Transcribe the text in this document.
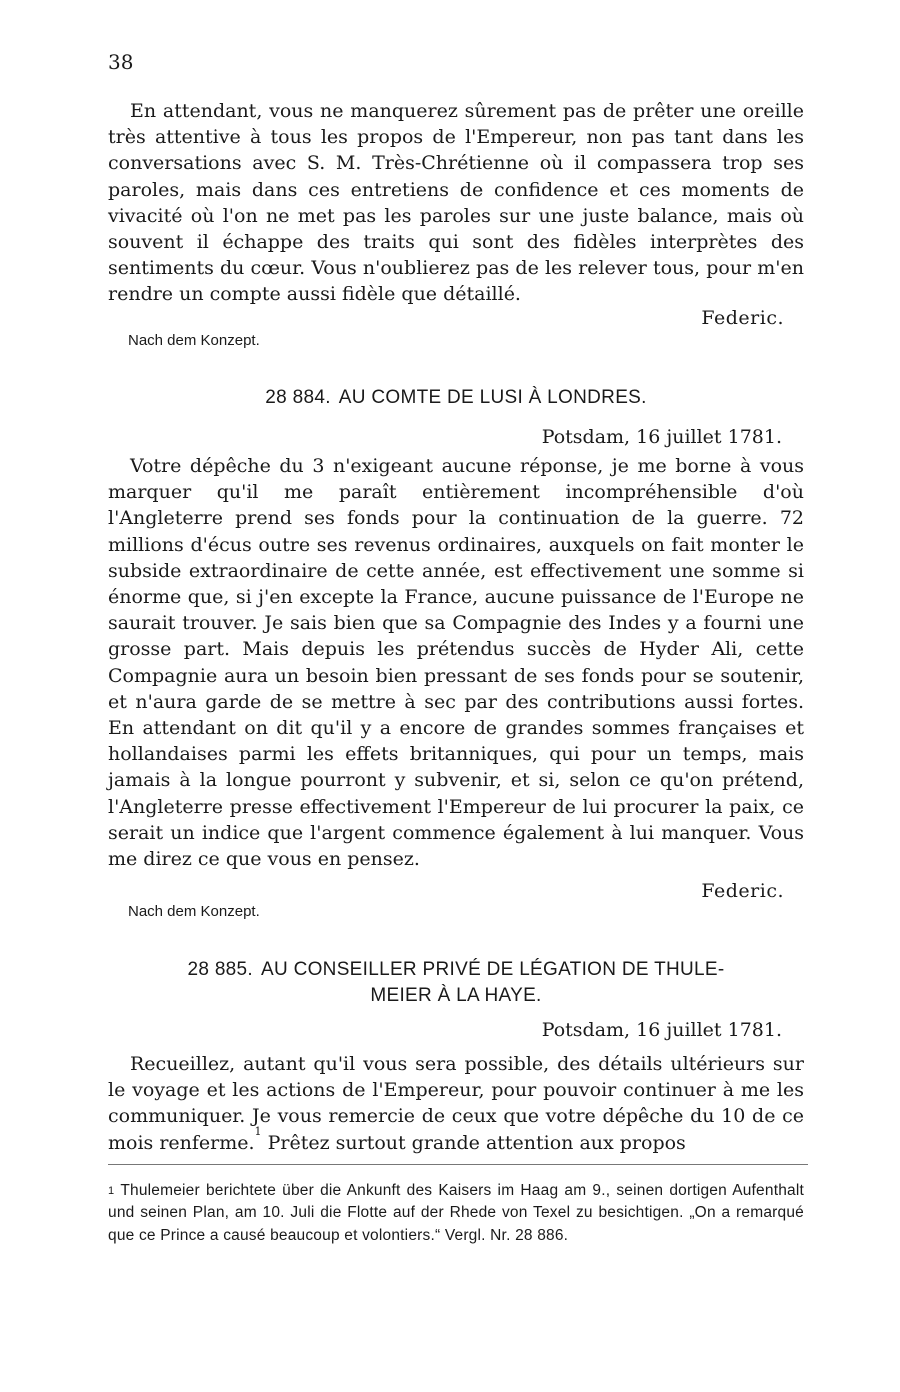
38
En attendant, vous ne manquerez sûrement pas de prêter une oreille très attentive à tous les propos de l'Empereur, non pas tant dans les conversations avec S. M. Très-Chrétienne où il compassera trop ses paroles, mais dans ces entretiens de confidence et ces moments de vivacité où l'on ne met pas les paroles sur une juste balance, mais où souvent il échappe des traits qui sont des fidèles interprètes des sentiments du cœur. Vous n'oublierez pas de les relever tous, pour m'en rendre un compte aussi fidèle que détaillé.
Federic.
Nach dem Konzept.
28 884. AU COMTE DE LUSI À LONDRES.
Potsdam, 16 juillet 1781.
Votre dépêche du 3 n'exigeant aucune réponse, je me borne à vous marquer qu'il me paraît entièrement incompréhensible d'où l'Angleterre prend ses fonds pour la continuation de la guerre. 72 millions d'écus outre ses revenus ordinaires, auxquels on fait monter le subside extraordinaire de cette année, est effectivement une somme si énorme que, si j'en excepte la France, aucune puissance de l'Europe ne saurait trouver. Je sais bien que sa Compagnie des Indes y a fourni une grosse part. Mais depuis les prétendus succès de Hyder Ali, cette Compagnie aura un besoin bien pressant de ses fonds pour se soutenir, et n'aura garde de se mettre à sec par des contributions aussi fortes. En attendant on dit qu'il y a encore de grandes sommes françaises et hollandaises parmi les effets britanniques, qui pour un temps, mais jamais à la longue pourront y subvenir, et si, selon ce qu'on prétend, l'Angleterre presse effectivement l'Empereur de lui procurer la paix, ce serait un indice que l'argent commence également à lui manquer. Vous me direz ce que vous en pensez.
Federic.
Nach dem Konzept.
28 885. AU CONSEILLER PRIVÉ DE LÉGATION DE THULE-
MEIER À LA HAYE.
Potsdam, 16 juillet 1781.
Recueillez, autant qu'il vous sera possible, des détails ultérieurs sur le voyage et les actions de l'Empereur, pour pouvoir continuer à me les communiquer. Je vous remercie de ceux que votre dépêche du 10 de ce mois renferme.$^1$ Prêtez surtout grande attention aux propos
$^1$ Thulemeier berichtete über die Ankunft des Kaisers im Haag am 9., seinen dortigen Aufenthalt und seinen Plan, am 10. Juli die Flotte auf der Rhede von Texel zu besichtigen. „On a remarqué que ce Prince a causé beaucoup et volontiers.“ Vergl. Nr. 28 886.
